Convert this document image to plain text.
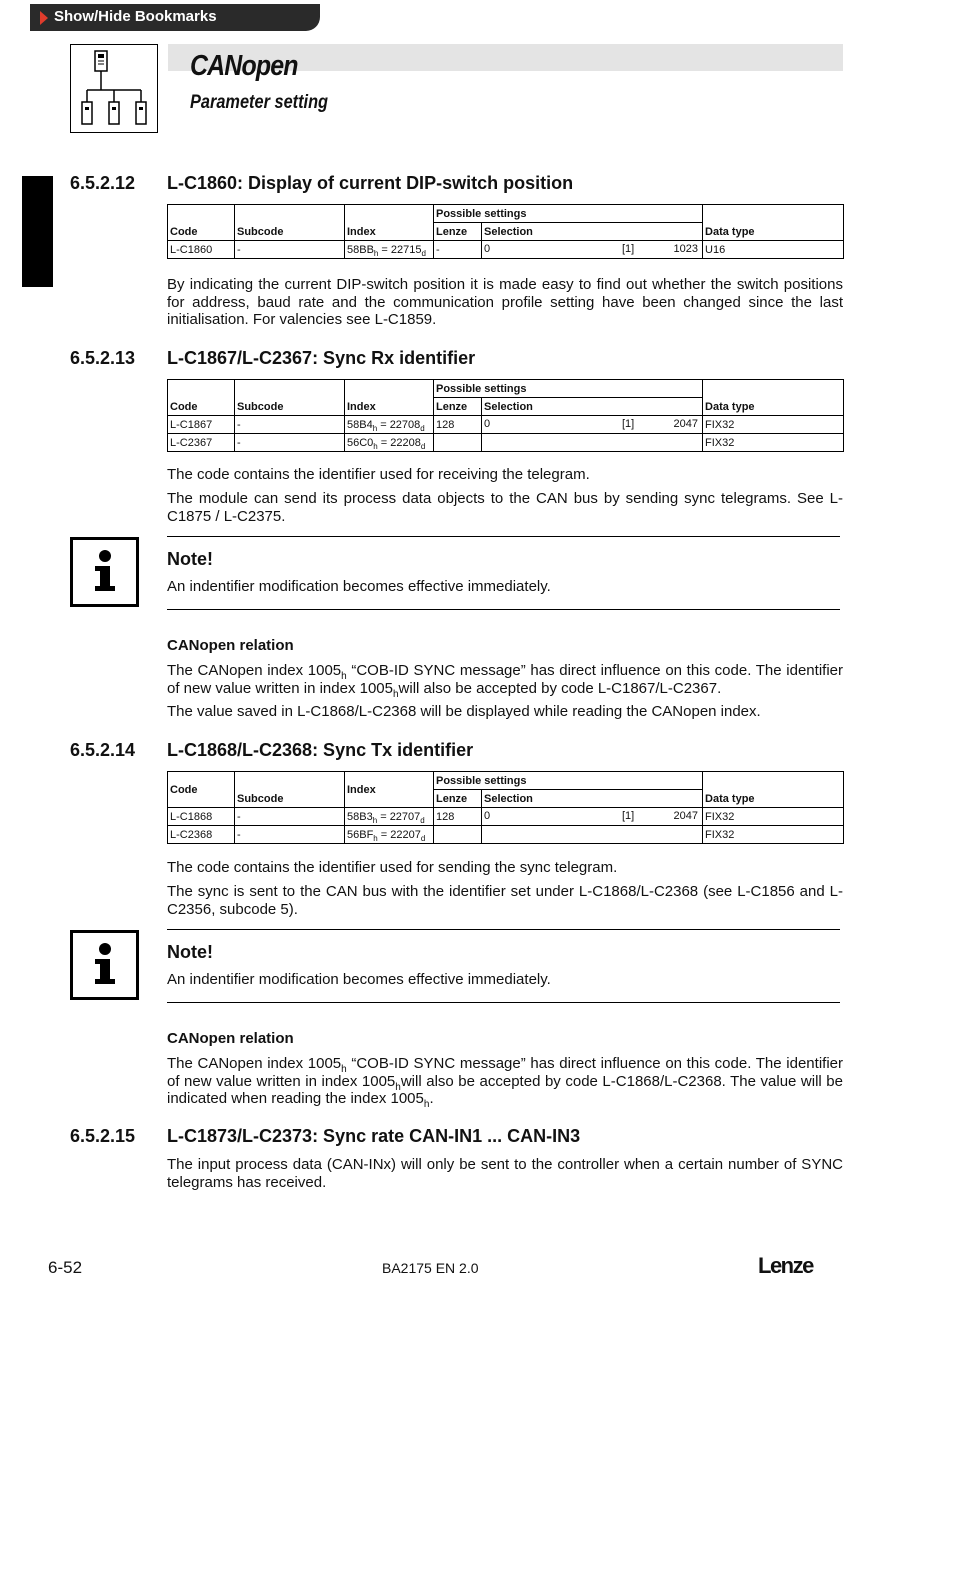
Show/Hide Bookmarks
CANopen
Parameter setting
6.5.2.12 L-C1860: Display of current DIP-switch position
Code	Subcode	Index	Possible settings		Data type
			Lenze	Selection	
L-C1860	-	$58BB_h = 22715_d$	-	0 [1] 1023	U16
By indicating the current DIP-switch position it is made easy to find out whether the switch positions for address, baud rate and the communication profile setting have been changed since the last initialisation. For valencies see L-C1859.
6.5.2.13 L-C1867/L-C2367: Sync Rx identifier
Code	Subcode	Index	Possible settings		Data type
			Lenze	Selection	
L-C1867	-	$58B4_h = 22708_d$	128	0 [1] 2047	FIX32
L-C2367	-	$56C0_h = 22208_d$			FIX32
The code contains the identifier used for receiving the telegram.
The module can send its process data objects to the CAN bus by sending sync telegrams. See L-C1875 / L-C2375.
Note!
An indentifier modification becomes effective immediately.
CANopen relation
The CANopen index $1005_h$ “COB-ID SYNC message” has direct influence on this code. The identifier of new value written in index $1005_hwill$ also be accepted by code L-C1867/L-C2367.
The value saved in L-C1868/L-C2368 will be displayed while reading the CANopen index.
6.5.2.14 L-C1868/L-C2368: Sync Tx identifier
Code	Subcode	Index	Possible settings		Data type
			Lenze	Selection	
L-C1868	-	$58B3_h = 22707_d$	128	0 [1] 2047	FIX32
L-C2368	-	$56BF_h = 22207_d$			FIX32
The code contains the identifier used for sending the sync telegram.
The sync is sent to the CAN bus with the identifier set under L-C1868/L-C2368 (see L-C1856 and L-C2356, subcode 5).
Note!
An indentifier modification becomes effective immediately.
CANopen relation
The CANopen index $1005_h$ “COB-ID SYNC message” has direct influence on this code. The identifier of new value written in index $1005_hwill$ also be accepted by code L-C1868/L-C2368. The value will be indicated when reading the index $1005_h$.
6.5.2.15 L-C1873/L-C2373: Sync rate CAN-IN1 ... CAN-IN3
The input process data (CAN-INx) will only be sent to the controller when a certain number of SYNC telegrams has received.
6-52	BA2175 EN 2.0	Lenze
